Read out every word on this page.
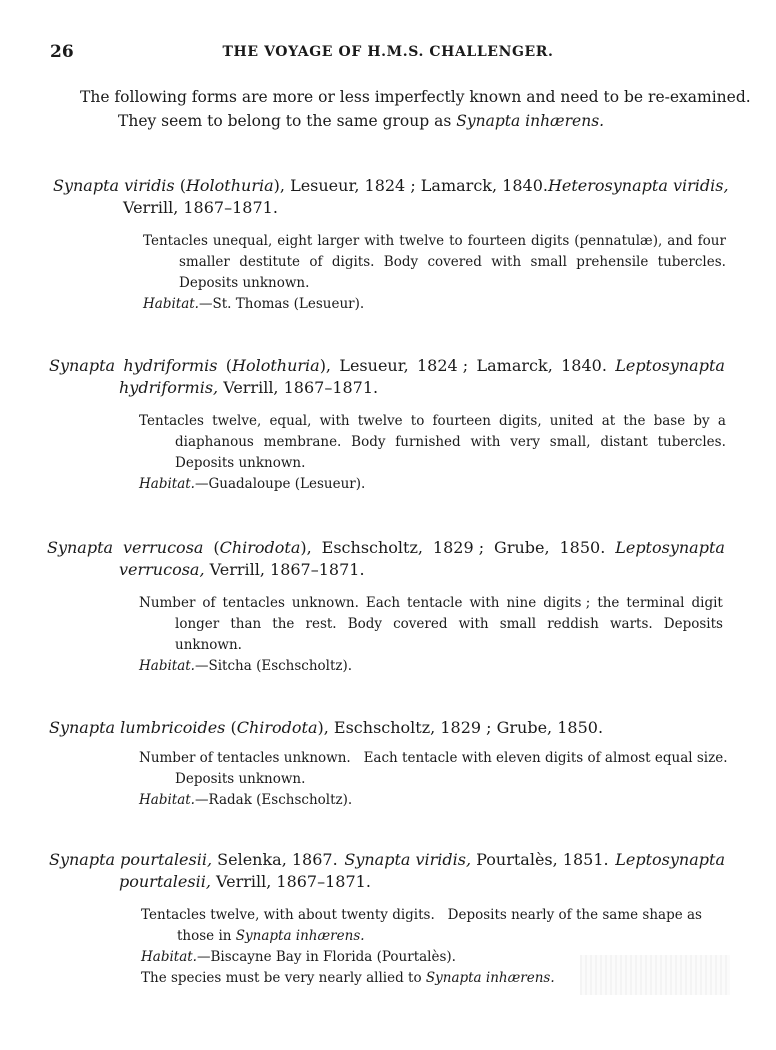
26	THE VOYAGE OF H.M.S. CHALLENGER.
The following forms are more or less imperfectly known and need to be re-examined.
They seem to belong to the same group as Synapta inhærens.
Synapta viridis (Holothuria), Lesueur, 1824 ; Lamarck, 1840. Heterosynapta viridis,
Verrill, 1867–1871.
Tentacles unequal, eight larger with twelve to fourteen digits (pennatulæ), and four
smaller destitute of digits. Body covered with small prehensile tubercles.
Deposits unknown.
Habitat.—St. Thomas (Lesueur).
Synapta hydriformis (Holothuria), Lesueur, 1824 ; Lamarck, 1840. Leptosynapta
hydriformis, Verrill, 1867–1871.
Tentacles twelve, equal, with twelve to fourteen digits, united at the base by a
diaphanous membrane. Body furnished with very small, distant tubercles.
Deposits unknown.
Habitat.—Guadaloupe (Lesueur).
Synapta verrucosa (Chirodota), Eschscholtz, 1829 ; Grube, 1850. Leptosynapta
verrucosa, Verrill, 1867–1871.
Number of tentacles unknown. Each tentacle with nine digits ; the terminal digit
longer than the rest. Body covered with small reddish warts. Deposits
unknown.
Habitat.—Sitcha (Eschscholtz).
Synapta lumbricoides (Chirodota), Eschscholtz, 1829 ; Grube, 1850.
Number of tentacles unknown.   Each tentacle with eleven digits of almost equal size.
Deposits unknown.
Habitat.—Radak (Eschscholtz).
Synapta pourtalesii, Selenka, 1867. Synapta viridis, Pourtalès, 1851. Leptosynapta
pourtalesii, Verrill, 1867–1871.
Tentacles twelve, with about twenty digits.   Deposits nearly of the same shape as
those in Synapta inhærens.
Habitat.—Biscayne Bay in Florida (Pourtalès).
The species must be very nearly allied to Synapta inhærens.
